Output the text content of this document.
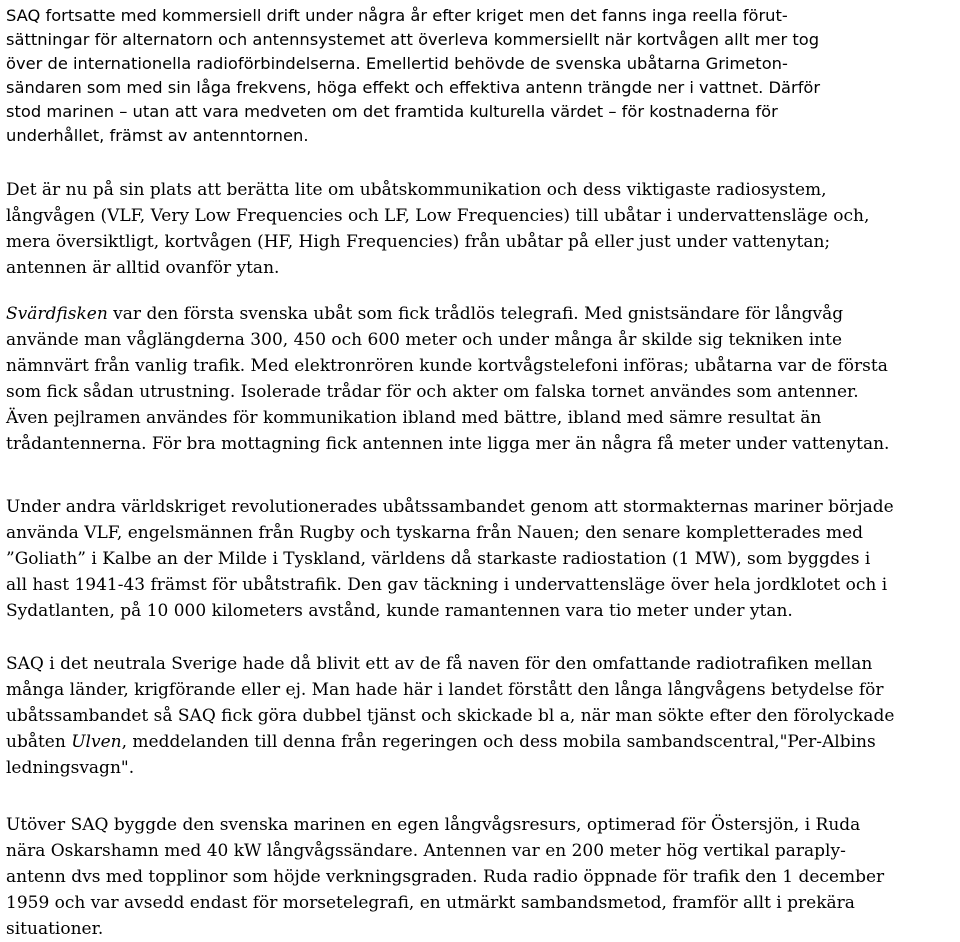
SAQ fortsatte med kommersiell drift under några år efter kriget men det fanns inga reella förut-
sättningar för alternatorn och antennsystemet att överleva kommersiellt när kortvågen allt mer tog
över de internationella radioförbindelserna. Emellertid behövde de svenska ubåtarna Grimeton-
sändaren som med sin låga frekvens, höga effekt och effektiva antenn trängde ner i vattnet. Därför
stod marinen – utan att vara medveten om det framtida kulturella värdet – för kostnaderna för
underhållet, främst av antenntornen.

Det är nu på sin plats att berätta lite om ubåtskommunikation och dess viktigaste radiosystem,
långvågen (VLF, Very Low Frequencies och LF, Low Frequencies) till ubåtar i undervattensläge och,
mera översiktligt, kortvågen (HF, High Frequencies) från ubåtar på eller just under vattenytan;
antennen är alltid ovanför ytan.

Svärdfisken var den första svenska ubåt som fick trådlös telegrafi. Med gnistsändare för långvåg
använde man våglängderna 300, 450 och 600 meter och under många år skilde sig tekniken inte
nämnvärt från vanlig trafik. Med elektronrören kunde kortvågstelefoni införas; ubåtarna var de första
som fick sådan utrustning. Isolerade trådar för och akter om falska tornet användes som antenner.
Även pejlramen användes för kommunikation ibland med bättre, ibland med sämre resultat än
trådantennerna. För bra mottagning fick antennen inte ligga mer än några få meter under vattenytan.

Under andra världskriget revolutionerades ubåtssambandet genom att stormakternas mariner började
använda VLF, engelsmännen från Rugby och tyskarna från Nauen; den senare kompletterades med
”Goliath” i Kalbe an der Milde i Tyskland, världens då starkaste radiostation (1 MW), som byggdes i
all hast 1941-43 främst för ubåtstrafik. Den gav täckning i undervattensläge över hela jordklotet och i
Sydatlanten, på 10 000 kilometers avstånd, kunde ramantennen vara tio meter under ytan.

SAQ i det neutrala Sverige hade då blivit ett av de få naven för den omfattande radiotrafiken mellan
många länder, krigförande eller ej. Man hade här i landet förstått den långa långvågens betydelse för
ubåtssambandet så SAQ fick göra dubbel tjänst och skickade bl a, när man sökte efter den förolyckade
ubåten Ulven, meddelanden till denna från regeringen och dess mobila sambandscentral,"Per-Albins
ledningsvagn".

Utöver SAQ byggde den svenska marinen en egen långvågsresurs, optimerad för Östersjön, i Ruda
nära Oskarshamn med 40 kW långvågssändare. Antennen var en 200 meter hög vertikal paraply-
antenn dvs med topplinor som höjde verkningsgraden. Ruda radio öppnade för trafik den 1 december
1959 och var avsedd endast för morsetelegrafi, en utmärkt sambandsmetod, framför allt i prekära
situationer.
